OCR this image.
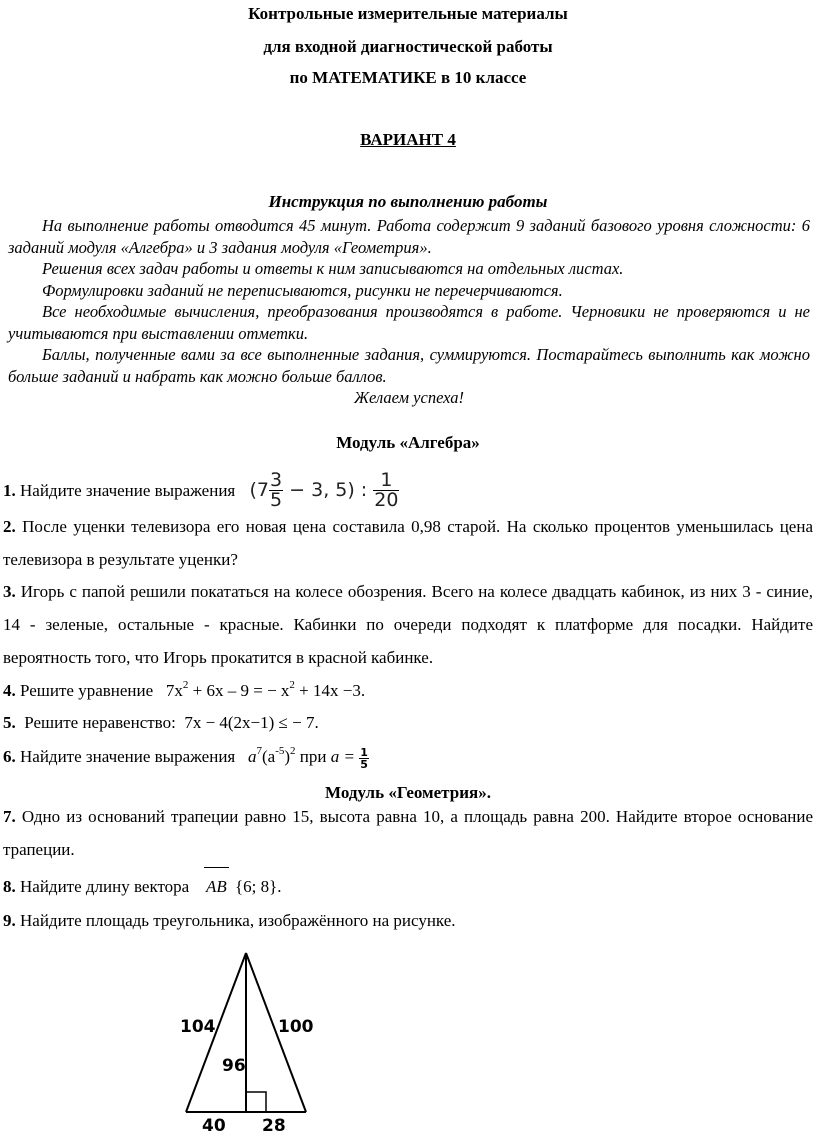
Контрольные измерительные материалы
для входной диагностической работы
по МАТЕМАТИКЕ в 10 классе
ВАРИАНТ 4
Инструкция по выполнению работы

На выполнение работы отводится 45 минут. Работа содержит 9 заданий базового уровня сложности: 6 заданий модуля «Алгебра» и 3 задания модуля «Геометрия».

Решения всех задач работы и ответы к ним записываются на отдельных листах.

Формулировки заданий не переписываются, рисунки не перечерчиваются.

Все необходимые вычисления, преобразования производятся в работе. Черновики не проверяются и не учитываются при выставлении отметки.

Баллы, полученные вами за все выполненные задания, суммируются. Постарайтесь выполнить как можно больше заданий и набрать как можно больше баллов.

Желаем успеха!

Модуль «Алгебра»
1. Найдите значение выражения ($7 \frac{3}{5} - 3$, 5) : $\frac{1}{20}$
2. После уценки телевизора его новая цена составила 0,98 старой. На сколько процентов уменьшилась цена телевизора в результате уценки?
3. Игорь с папой решили покататься на колесе обозрения. Всего на колесе двадцать кабинок, из них 3 - синие, 14 - зеленые, остальные - красные. Кабинки по очереди подходят к платформе для посадки. Найдите вероятность того, что Игорь прокатится в красной кабинке.
4. Решите уравнение $7x^2 + 6x - 9$ = − $x^2 + 14x -3$.
5. Решите неравенство: 7x − 4(2x−1) ≤ − 7.
6. Найдите значение выражения $a^7(a^{-5})^2$ при $a = \frac{1}{5}$
Модуль «Геометрия».
7. Одно из оснований трапеции равно 15, высота равна 10, а площадь равна 200. Найдите второе основание трапеции.
8. Найдите длину вектора AB {6; 8}.
9. Найдите площадь треугольника, изображённого на рисунке.
104	100
96
40 28
